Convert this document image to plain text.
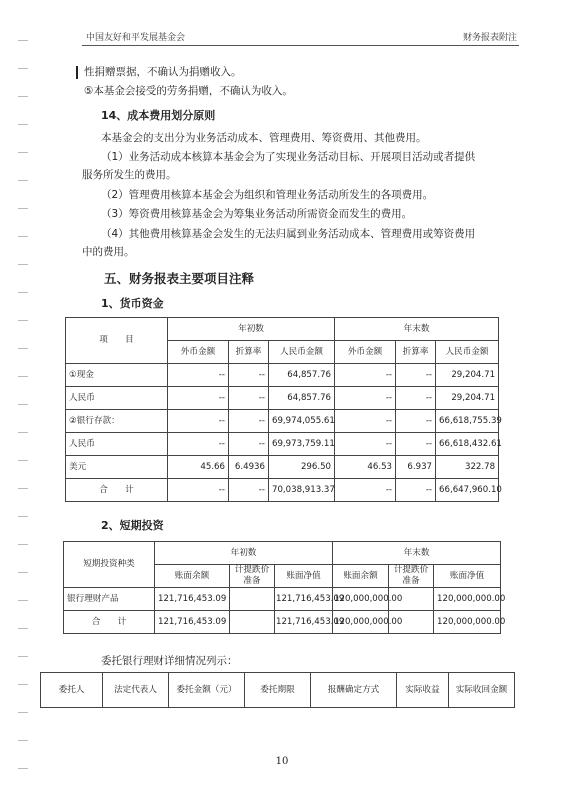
中国友好和平发展基金会	财务报表附注
性捐赠票据，不确认为捐赠收入。
⑤本基金会接受的劳务捐赠，不确认为收入。
14、成本费用划分原则
本基金会的支出分为业务活动成本、管理费用、筹资费用、其他费用。
（1）业务活动成本核算本基金会为了实现业务活动目标、开展项目活动或者提供
服务所发生的费用。
（2）管理费用核算本基金会为组织和管理业务活动所发生的各项费用。
（3）筹资费用核算基金会为筹集业务活动所需资金而发生的费用。
（4）其他费用核算基金会发生的无法归属到业务活动成本、管理费用或筹资费用
中的费用。
五、财务报表主要项目注释
1、货币资金
项　　目	年初数			年末数		
	外币金额	折算率	人民币金额	外币金额	折算率	人民币金额
①现金	--	--	64,857.76	--	--	29,204.71
人民币	--	--	64,857.76	--	--	29,204.71
②银行存款：	--	--	69,974,055.61	--	--	66,618,755.39
人民币	--	--	69,973,759.11	--	--	66,618,432.61
美元	45.66	6.4936	296.50	46.53	6.937	322.78
合　　计	--	--	70,038,913.37	--	--	66,647,960.10
2、短期投资
短期投资种类	年初数			年末数		
	账面余额	计提跌价准备	账面净值	账面余额	计提跌价准备	账面净值
银行理财产品	121,716,453.09		121,716,453.09	120,000,000.00		120,000,000.00
合　　计	121,716,453.09		121,716,453.09	120,000,000.00		120,000,000.00
委托银行理财详细情况列示：
委托人	法定代表人	委托金额（元）	委托期限	报酬确定方式	实际收益	实际收回金额
10
